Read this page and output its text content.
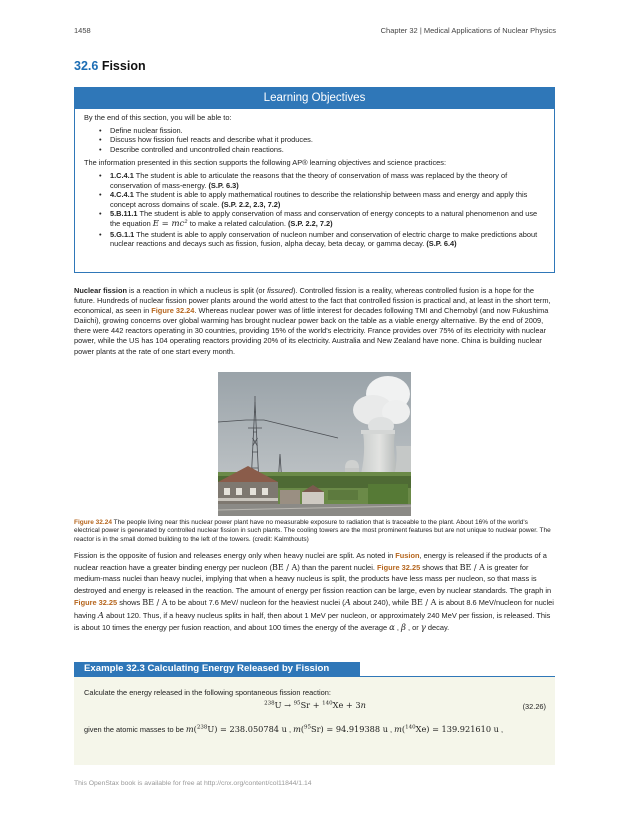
1458	Chapter 32 | Medical Applications of Nuclear Physics
32.6 Fission
Learning Objectives

By the end of this section, you will be able to:

• Define nuclear fission.
• Discuss how fission fuel reacts and describe what it produces.
• Describe controlled and uncontrolled chain reactions.

The information presented in this section supports the following AP® learning objectives and science practices:

• 1.C.4.1 The student is able to articulate the reasons that the theory of conservation of mass was replaced by the theory of conservation of mass-energy. (S.P. 6.3)
• 4.C.4.1 The student is able to apply mathematical routines to describe the relationship between mass and energy and apply this concept across domains of scale. (S.P. 2.2, 2.3, 7.2)
• 5.B.11.1 The student is able to apply conservation of mass and conservation of energy concepts to a natural phenomenon and use the equation E = mc² to make a related calculation. (S.P. 2.2, 7.2)
• 5.G.1.1 The student is able to apply conservation of nucleon number and conservation of electric charge to make predictions about nuclear reactions and decays such as fission, fusion, alpha decay, beta decay, or gamma decay. (S.P. 6.4)

Nuclear fission is a reaction in which a nucleus is split (or fissured). Controlled fission is a reality, whereas controlled fusion is a hope for the future. Hundreds of nuclear fission power plants around the world attest to the fact that controlled fission is practical and, at least in the short term, economical, as seen in Figure 32.24. Whereas nuclear power was of little interest for decades following TMI and Chernobyl (and now Fukushima Daiichi), growing concerns over global warming has brought nuclear power back on the table as a viable energy alternative. By the end of 2009, there were 442 reactors operating in 30 countries, providing 15% of the world's electricity. France provides over 75% of its electricity with nuclear power, while the US has 104 operating reactors providing 20% of its electricity. Australia and New Zealand have none. China is building nuclear power plants at the rate of one start every month.

Figure 32.24 The people living near this nuclear power plant have no measurable exposure to radiation that is traceable to the plant. About 16% of the world's electrical power is generated by controlled nuclear fission in such plants. The cooling towers are the most prominent features but are not unique to nuclear power. The reactor is in the small domed building to the left of the towers. (credit: Kalmthouts)

Fission is the opposite of fusion and releases energy only when heavy nuclei are split. As noted in Fusion, energy is released if the products of a nuclear reaction have a greater binding energy per nucleon (BE / A) than the parent nuclei. Figure 32.25 shows that BE / A is greater for medium-mass nuclei than heavy nuclei, implying that when a heavy nucleus is split, the products have less mass per nucleon, so that mass is destroyed and energy is released in the reaction. The amount of energy per fission reaction can be large, even by nuclear standards. The graph in Figure 32.25 shows BE / A to be about 7.6 MeV/ nucleon for the heaviest nuclei (A about 240), while BE / A is about 8.6 MeV/nucleon for nuclei having A about 120. Thus, if a heavy nucleus splits in half, then about 1 MeV per nucleon, or approximately 240 MeV per fission, is released. This is about 10 times the energy per fusion reaction, and about 100 times the energy of the average α , β , or γ decay.

Example 32.3 Calculating Energy Released by Fission

Calculate the energy released in the following spontaneous fission reaction:

$^{238}$U → $^{95}$Sr + $^{140}$Xe + 3n	(32.26)
given the atomic masses to be m($^{238}$U) = 238.050784 u , m($^{95}$Sr) = 94.919388 u , m($^{140}$Xe) = 139.921610 u ,
This OpenStax book is available for free at http://cnx.org/content/col11844/1.14
